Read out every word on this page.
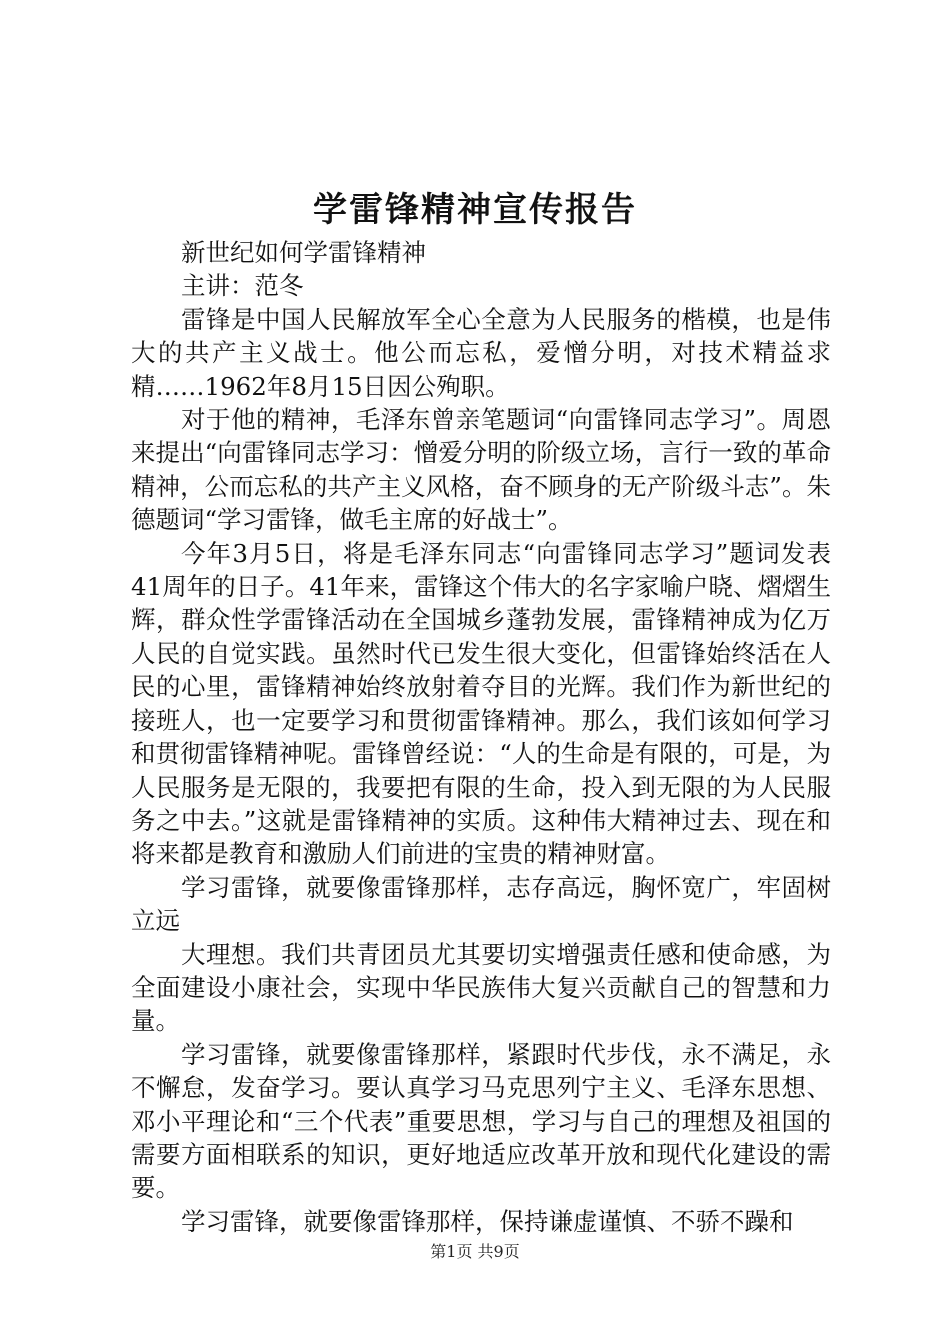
学雷锋精神宣传报告

新世纪如何学雷锋精神

主讲：范冬

雷锋是中国人民解放军全心全意为人民服务的楷模，也是伟大的共产主义战士。他公而忘私，爱憎分明，对技术精益求精……1962年8月15日因公殉职。

对于他的精神，毛泽东曾亲笔题词“向雷锋同志学习”。周恩来提出“向雷锋同志学习：憎爱分明的阶级立场，言行一致的革命精神，公而忘私的共产主义风格，奋不顾身的无产阶级斗志”。朱德题词“学习雷锋，做毛主席的好战士”。

今年3月5日，将是毛泽东同志“向雷锋同志学习”题词发表41周年的日子。41年来，雷锋这个伟大的名字家喻户晓、熠熠生辉，群众性学雷锋活动在全国城乡蓬勃发展，雷锋精神成为亿万人民的自觉实践。虽然时代已发生很大变化，但雷锋始终活在人民的心里，雷锋精神始终放射着夺目的光辉。我们作为新世纪的接班人，也一定要学习和贯彻雷锋精神。那么，我们该如何学习和贯彻雷锋精神呢。雷锋曾经说：“人的生命是有限的，可是，为人民服务是无限的，我要把有限的生命，投入到无限的为人民服务之中去。”这就是雷锋精神的实质。这种伟大精神过去、现在和将来都是教育和激励人们前进的宝贵的精神财富。

学习雷锋，就要像雷锋那样，志存高远，胸怀宽广，牢固树立远

大理想。我们共青团员尤其要切实增强责任感和使命感，为全面建设小康社会，实现中华民族伟大复兴贡献自己的智慧和力量。

学习雷锋，就要像雷锋那样，紧跟时代步伐，永不满足，永不懈怠，发奋学习。要认真学习马克思列宁主义、毛泽东思想、邓小平理论和“三个代表”重要思想，学习与自己的理想及祖国的需要方面相联系的知识，更好地适应改革开放和现代化建设的需要。

学习雷锋，就要像雷锋那样，保持谦虚谨慎、不骄不躁和

第1页 共9页
